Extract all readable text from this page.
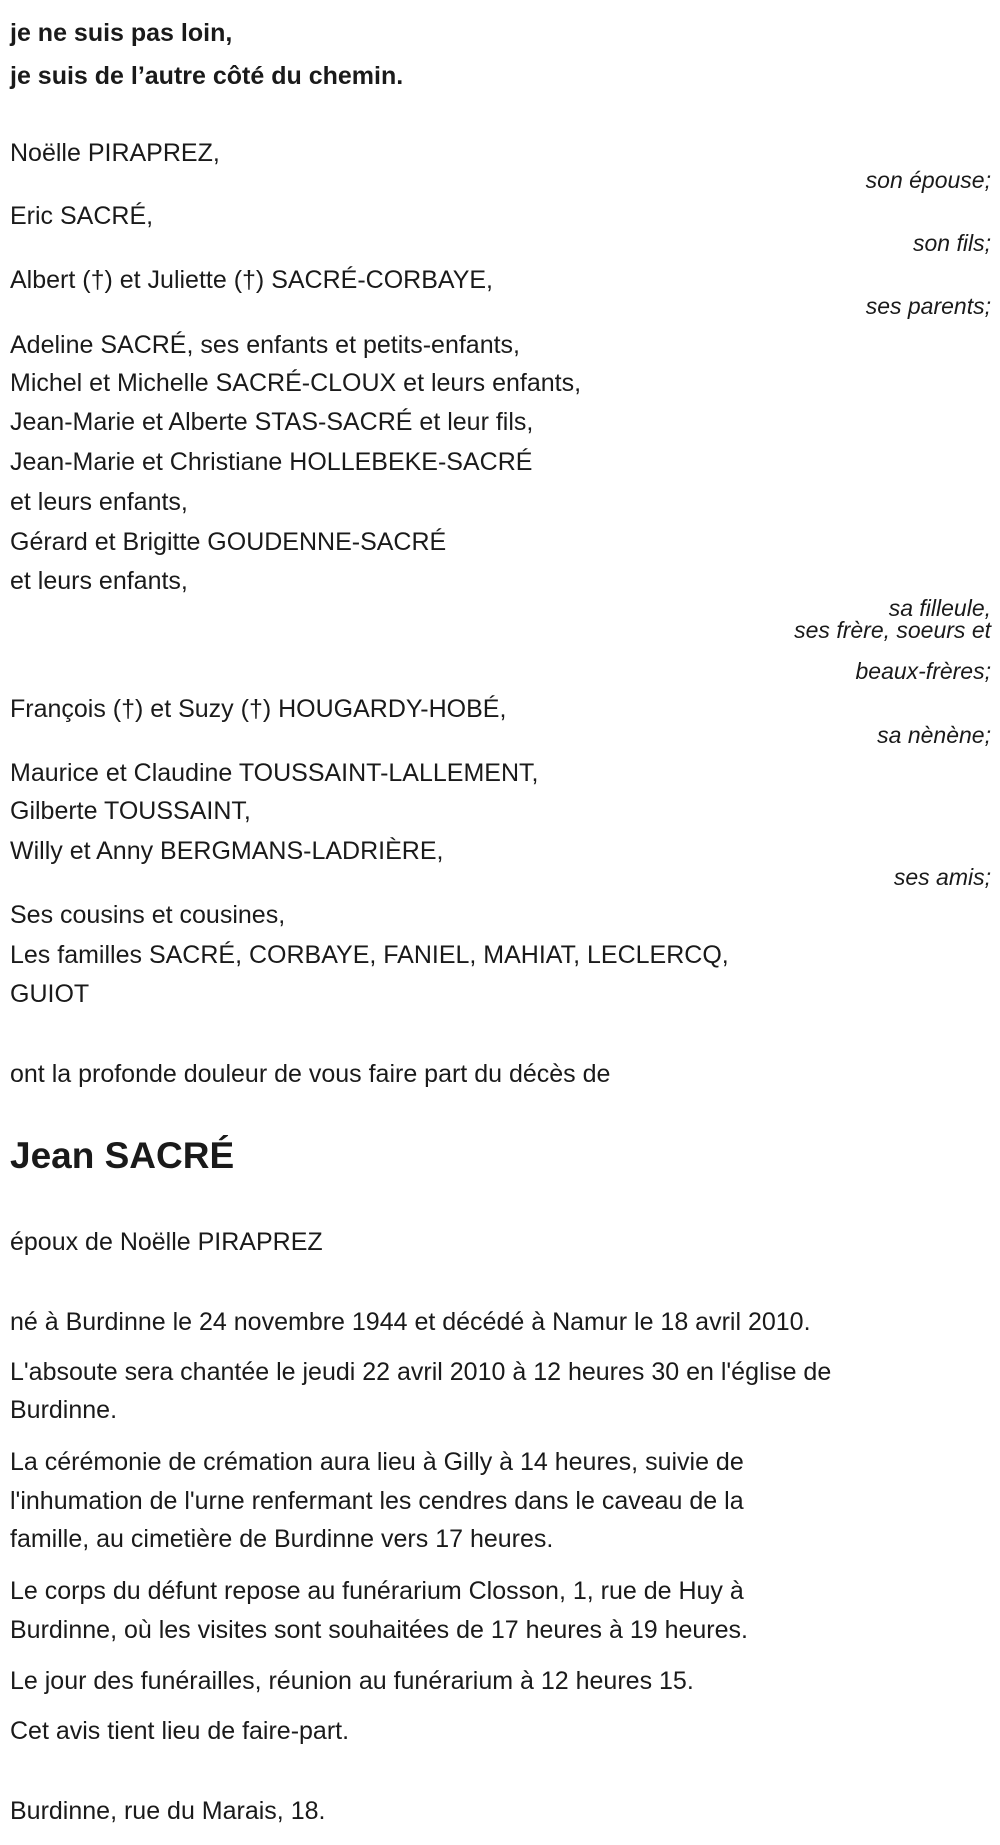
je ne suis pas loin,
je suis de l’autre côté du chemin.
Noëlle PIRAPREZ,
son épouse;
Eric SACRÉ,
son fils;
Albert (†) et Juliette (†) SACRÉ-CORBAYE,
ses parents;
Adeline SACRÉ, ses enfants et petits-enfants,
Michel et Michelle SACRÉ-CLOUX et leurs enfants,
Jean-Marie et Alberte STAS-SACRÉ et leur fils,
Jean-Marie et Christiane HOLLEBEKE-SACRÉ
et leurs enfants,
Gérard et Brigitte GOUDENNE-SACRÉ
et leurs enfants,
sa filleule,
ses frère, soeurs et
beaux-frères;
François (†) et Suzy (†) HOUGARDY-HOBÉ,
sa nènène;
Maurice et Claudine TOUSSAINT-LALLEMENT,
Gilberte TOUSSAINT,
Willy et Anny BERGMANS-LADRIÈRE,
ses amis;
Ses cousins et cousines,
Les familles SACRÉ, CORBAYE, FANIEL, MAHIAT, LECLERCQ,
GUIOT
ont la profonde douleur de vous faire part du décès de
Jean SACRÉ
époux de Noëlle PIRAPREZ
né à Burdinne le 24 novembre 1944 et décédé à Namur le 18 avril 2010.
L'absoute sera chantée le jeudi 22 avril 2010 à 12 heures 30 en l'église de
Burdinne.
La cérémonie de crémation aura lieu à Gilly à 14 heures, suivie de
l'inhumation de l'urne renfermant les cendres dans le caveau de la
famille, au cimetière de Burdinne vers 17 heures.
Le corps du défunt repose au funérarium Closson, 1, rue de Huy à
Burdinne, où les visites sont souhaitées de 17 heures à 19 heures.
Le jour des funérailles, réunion au funérarium à 12 heures 15.
Cet avis tient lieu de faire-part.
Burdinne, rue du Marais, 18.
